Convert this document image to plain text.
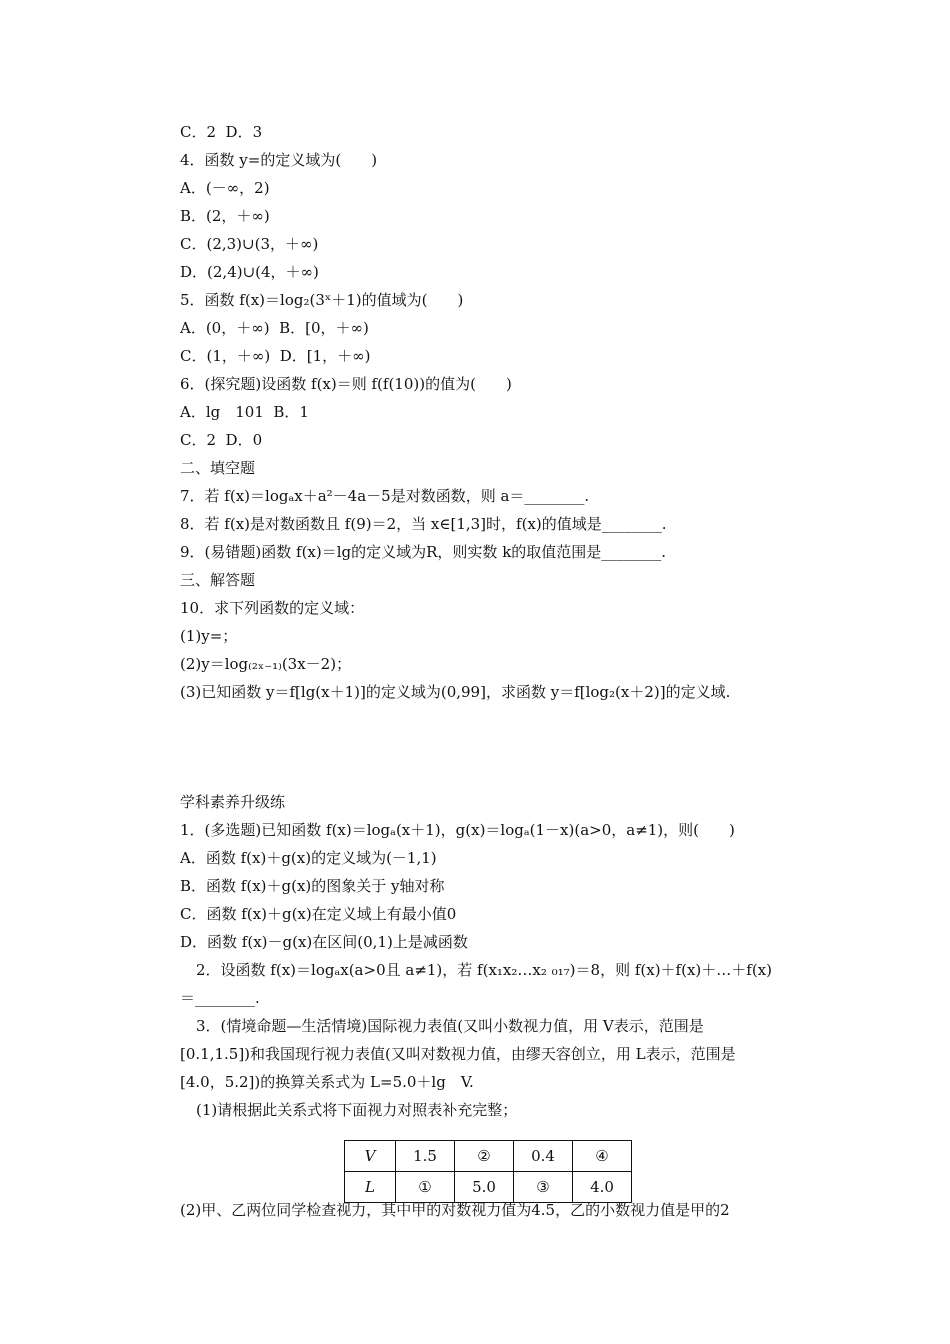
C．2  D．3
4．函数 y=的定义域为(　　)
A．(－∞，2)
B．(2，＋∞)
C．(2,3)∪(3，＋∞)
D．(2,4)∪(4，＋∞)
5．函数 f(x)＝log₂(3ˣ＋1)的值域为(　　)
A．(0，＋∞)  B．[0，＋∞)
C．(1，＋∞)  D．[1，＋∞)
6．(探究题)设函数 f(x)＝则 f(f(10))的值为(　　)
A．lg　101  B．1
C．2  D．0
二、填空题
7．若 f(x)＝logₐx＋a²－4a－5是对数函数，则 a＝________.
8．若 f(x)是对数函数且 f(9)＝2，当 x∈[1,3]时，f(x)的值域是________.
9．(易错题)函数 f(x)＝lg的定义域为R，则实数 k的取值范围是________.
三、解答题
10．求下列函数的定义域：
(1)y=；
(2)y＝log₍₂ₓ₋₁₎(3x－2)；
(3)已知函数 y＝f[lg(x＋1)]的定义域为(0,99]，求函数 y＝f[log₂(x＋2)]的定义域.
学科素养升级练
1．(多选题)已知函数 f(x)＝logₐ(x＋1)，g(x)＝logₐ(1－x)(a>0，a≠1)，则(　　)
A．函数 f(x)＋g(x)的定义域为(－1,1)
B．函数 f(x)＋g(x)的图象关于 y轴对称
C．函数 f(x)＋g(x)在定义域上有最小值0
D．函数 f(x)－g(x)在区间(0,1)上是减函数
2．设函数 f(x)＝logₐx(a>0且 a≠1)，若 f(x₁x₂…x₂ ₀₁₇)＝8，则 f(x)＋f(x)＋…＋f(x)
＝________.
3．(情境命题—生活情境)国际视力表值(又叫小数视力值，用 V表示，范围是
[0.1,1.5])和我国现行视力表值(又叫对数视力值，由缪天容创立，用 L表示，范围是
[4.0，5.2])的换算关系式为 L=5.0＋lg　V.
(1)请根据此关系式将下面视力对照表补充完整；
V	1.5	②	0.4	④
L	①	5.0	③	4.0
(2)甲、乙两位同学检查视力，其中甲的对数视力值为4.5，乙的小数视力值是甲的2
